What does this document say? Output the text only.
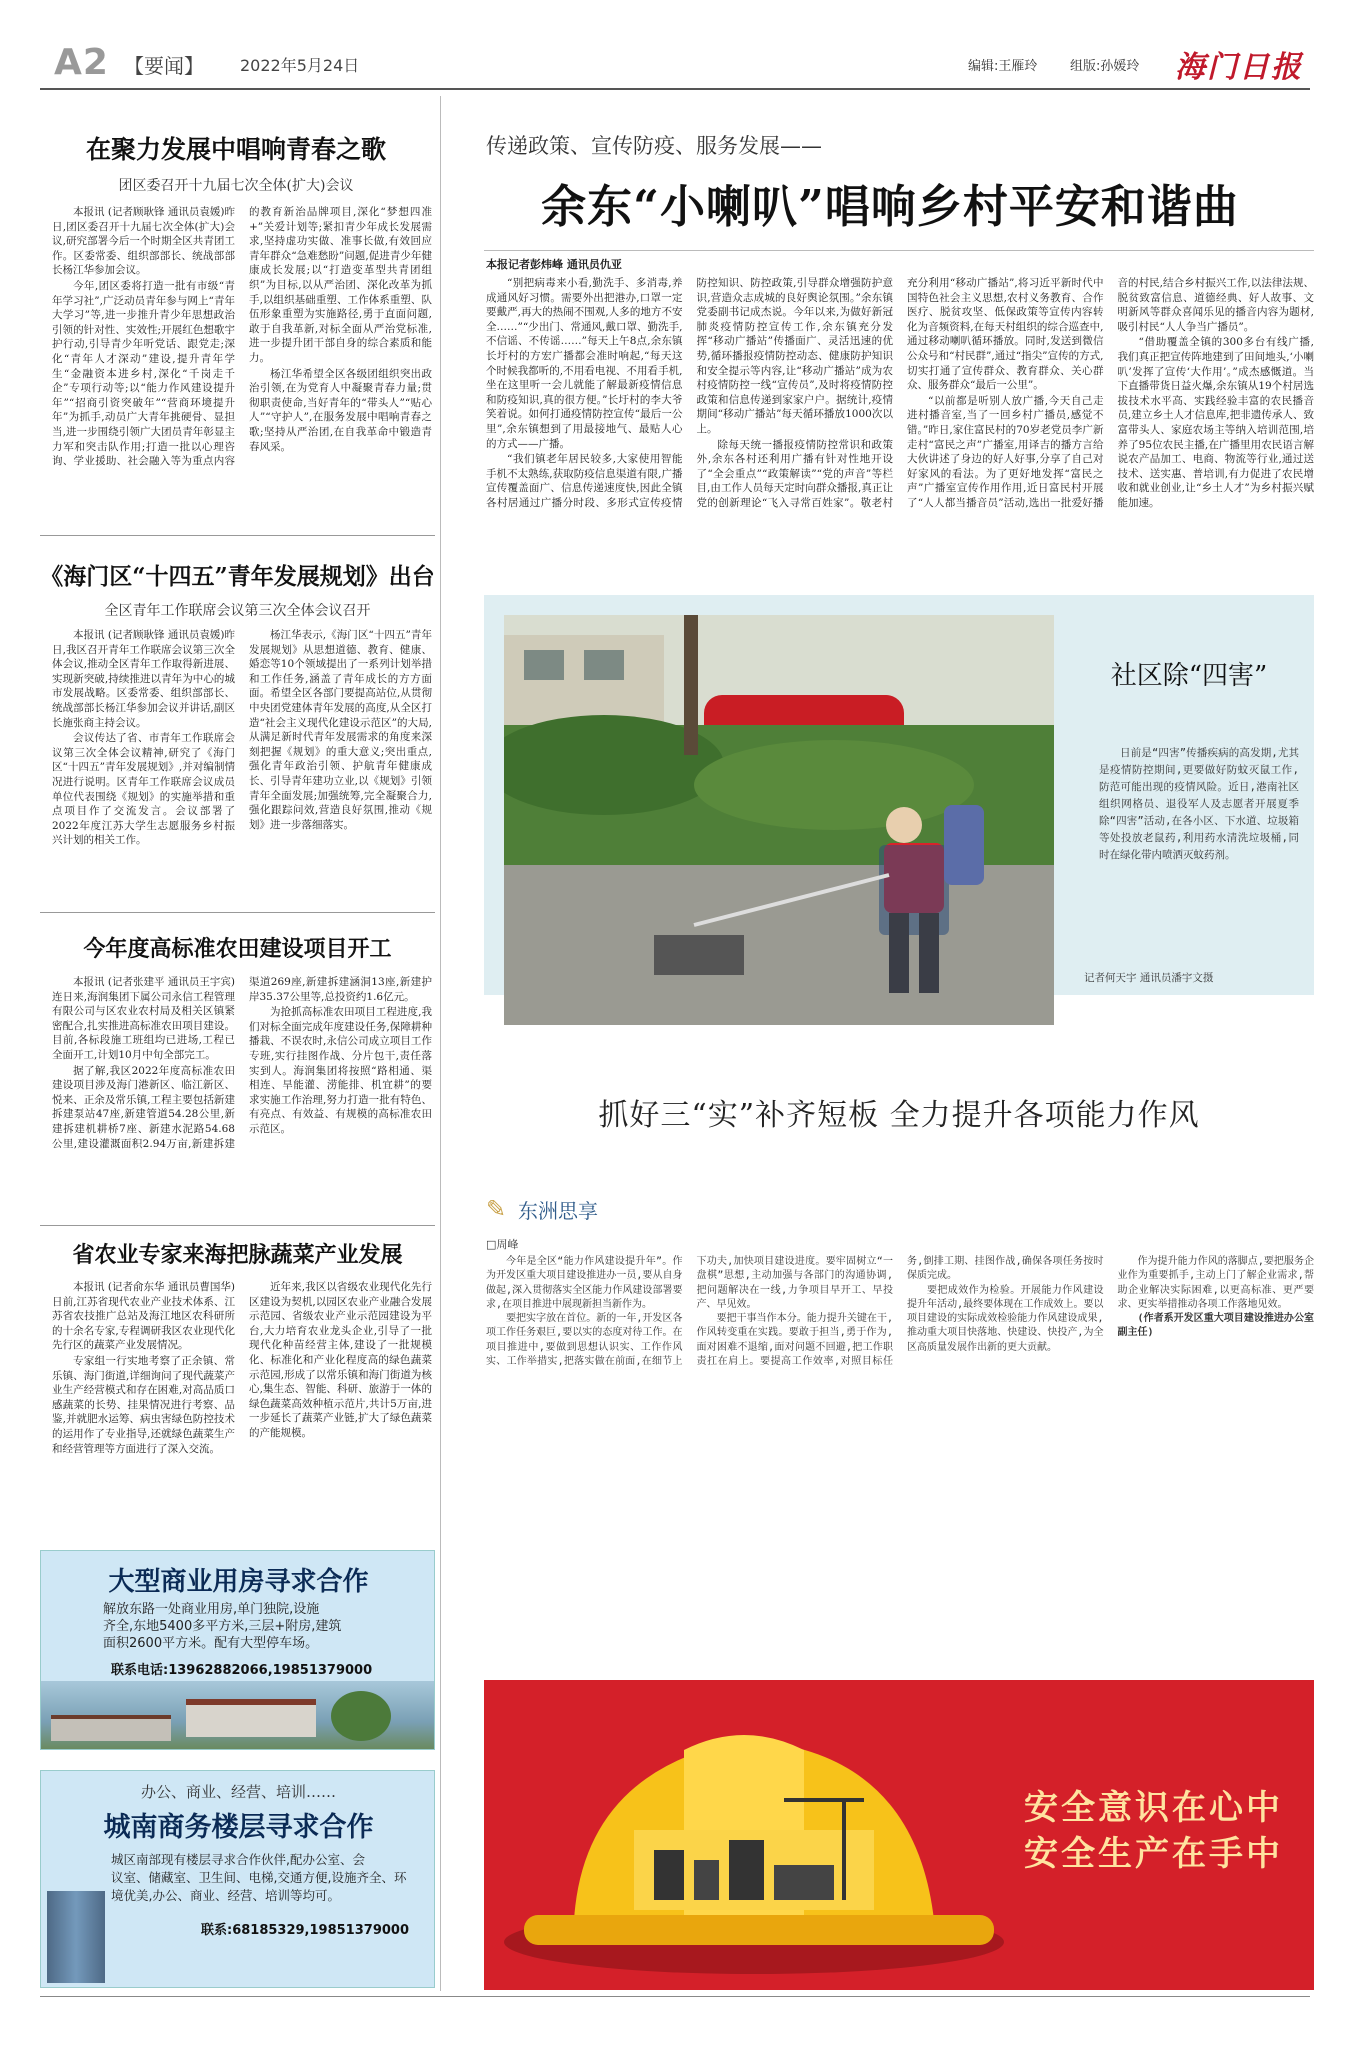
A2 【要闻】 2022年5月24日	编辑:王雁玲	组版:孙媛玲 海门日报
在聚力发展中唱响青春之歌
团区委召开十九届七次全体(扩大)会议

本报讯 (记者顾耿锋 通讯员袁媛)昨日,团区委召开十九届七次全体(扩大)会议,研究部署今后一个时期全区共青团工作。区委常委、组织部部长、统战部部长杨江华参加会议。

今年,团区委将打造一批有市级“青年学习社”,广泛动员青年参与网上“青年大学习”等,进一步推升青少年思想政治引领的针对性、实效性;开展红色想歌宇护行动,引导青少年听党话、跟党走;深化“青年人才深动”建设,提升青年学生“金融资本进乡村,深化“千岗走千企”专项行动等;以“能力作风建设提升年”“招商引资突破年”“营商环境提升年”为抓手,动员广大青年挑硬骨、显担当,进一步围绕引领广大团员青年彰显主力军和突击队作用;打造一批以心理咨询、学业援助、社会融入等为重点内容的教育新治品牌项目,深化“梦想四准+”关爱计划等;紧扣青少年成长发展需求,坚持虚功实做、准事长做,有效回应青年群众“急难愁盼”问题,促进青少年健康成长发展;以“打造变革型共青团组织”为目标,以从严治团、深化改革为抓手,以组织基础重塑、工作体系重塑、队伍形象重塑为实施路径,勇于直面问题,敢于自我革新,对标全面从严治党标准,进一步提升团干部自身的综合素质和能力。

杨江华希望全区各级团组织突出政治引领,在为党育人中凝聚青春力量;贯彻职责使命,当好青年的“带头人”“贴心人”“守护人”,在服务发展中唱响青春之歌;坚持从严治团,在自我革命中锻造青春风采。

《海门区“十四五”青年发展规划》出台
全区青年工作联席会议第三次全体会议召开

本报讯 (记者顾耿锋 通讯员袁媛)昨日,我区召开青年工作联席会议第三次全体会议,推动全区青年工作取得新进展、实现新突破,持续推进以青年为中心的城市发展战略。区委常委、组织部部长、统战部部长杨江华参加会议并讲话,副区长施张商主持会议。

会议传达了省、市青年工作联席会议第三次全体会议精神,研究了《海门区“十四五”青年发展规划》,并对编制情况进行说明。区青年工作联席会议成员单位代表围绕《规划》的实施举措和重点项目作了交流发言。会议部署了2022年度江苏大学生志愿服务乡村振兴计划的相关工作。

杨江华表示,《海门区“十四五”青年发展规划》从思想道德、教育、健康、婚恋等10个领域提出了一系列计划举措和工作任务,涵盖了青年成长的方方面面。希望全区各部门要提高站位,从贯彻中央团党建体青年发展的高度,从全区打造“社会主义现代化建设示范区”的大局,从满足新时代青年发展需求的角度来深刻把握《规划》的重大意义;突出重点,强化青年政治引领、护航青年健康成长、引导青年建功立业,以《规划》引领青年全面发展;加强统筹,完全凝聚合力,强化跟踪问效,营造良好氛围,推动《规划》进一步落细落实。

今年度高标准农田建设项目开工

本报讯 (记者张建平 通讯员王宇宾)连日来,海润集团下属公司永信工程管理有限公司与区农业农村局及相关区镇紧密配合,扎实推进高标准农田项目建设。目前,各标段施工班组均已进场,工程已全面开工,计划10月中旬全部完工。

据了解,我区2022年度高标准农田建设项目涉及海门港新区、临江新区、悦来、正余及常乐镇,工程主要包括新建拆建泵站47座,新建管道54.28公里,新建拆建机耕桥7座、新建水泥路54.68公里,建设灌溉面积2.94万亩,新建拆建渠道269座,新建拆建涵洞13座,新建护岸35.37公里等,总投资约1.6亿元。

为抢抓高标准农田项目工程进度,我们对标全面完成年度建设任务,保障耕种播栽、不误农时,永信公司成立项目工作专班,实行挂图作战、分片包干,责任落实到人。海润集团将按照“路相通、渠相连、旱能灌、涝能排、机宜耕”的要求实施工作治理,努力打造一批有特色、有亮点、有效益、有规模的高标准农田示范区。

省农业专家来海把脉蔬菜产业发展

本报讯 (记者俞东华 通讯员曹国华)日前,江苏省现代农业产业技术体系、江苏省农技推广总站及海江地区农科研所的十余名专家,专程调研我区农业现代化先行区的蔬菜产业发展情况。

专家组一行实地考察了正余镇、常乐镇、海门街道,详细询问了现代蔬菜产业生产经营模式和存在困难,对高品质口感蔬菜的长势、挂果情况进行考察、品鉴,并就肥水运筹、病虫害绿色防控技术的运用作了专业指导,还就绿色蔬菜生产和经营管理等方面进行了深入交流。

近年来,我区以省级农业现代化先行区建设为契机,以园区农业产业融合发展示范园、省级农业产业示范园建设为平台,大力培育农业龙头企业,引导了一批现代化种苗经营主体,建设了一批规模化、标准化和产业化程度高的绿色蔬菜示范园,形成了以常乐镇和海门街道为核心,集生态、智能、科研、旅游于一体的绿色蔬菜高效种植示范片,共计5万亩,进一步延长了蔬菜产业链,扩大了绿色蔬菜的产能规模。

大型商业用房寻求合作
解放东路一处商业用房,单门独院,设施
齐全,东地5400多平方米,三层+附房,建筑
面积2600平方米。配有大型停车场。
联系电话:13962882066,19851379000
办公、商业、经营、培训……
城南商务楼层寻求合作
城区南部现有楼层寻求合作伙伴,配办公室、会
议室、储藏室、卫生间、电梯,交通方便,设施齐全、环
境优美,办公、商业、经营、培训等均可。
联系:68185329,19851379000
传递政策、宣传防疫、服务发展——
余东“小喇叭”唱响乡村平安和谐曲
本报记者彭炜峰 通讯员仇亚

“别把病毒来小看,勤洗手、多消毒,养成通风好习惯。需要外出把港办,口罩一定要戴严,再大的热闹不围观,人多的地方不安全……”“少出门、常通风,戴口罩、勤洗手,不信谣、不传谣……”每天上午8点,余东镇长圩村的方宏广播都会准时响起,“每天这个时候我都听的,不用看电视、不用看手机,坐在这里听一会儿就能了解最新疫情信息和防疫知识,真的很方便。”长圩村的李大爷笑着说。如何打通疫情防控宣传“最后一公里”,余东镇想到了用最接地气、最贴人心的方式——广播。

“我们镇老年居民较多,大家使用智能手机不太熟练,获取防疫信息渠道有限,广播宣传覆盖面广、信息传递速度快,因此全镇各村居通过广播分时段、多形式宣传疫情防控知识、防控政策,引导群众增强防护意识,营造众志成城的良好舆论氛围。”余东镇党委副书记成杰说。今年以来,为做好新冠肺炎疫情防控宣传工作,余东镇充分发挥“移动广播站”传播面广、灵活迅速的优势,循环播报疫情防控动态、健康防护知识和安全提示等内容,让“移动广播站”成为农村疫情防控一线“宣传员”,及时将疫情防控政策和信息传递到家家户户。据统计,疫情期间“移动广播站”每天循环播放1000次以上。

除每天统一播报疫情防控常识和政策外,余东各村还利用广播有针对性地开设了“全会重点”“政策解读”“党的声音”等栏目,由工作人员每天定时向群众播报,真正让党的创新理论“飞入寻常百姓家”。敬老村充分利用“移动广播站”,将习近平新时代中国特色社会主义思想,农村义务教育、合作医疗、脱贫攻坚、低保政策等宣传内容转化为音频资料,在每天村组织的综合巡查中,通过移动喇叭循环播放。同时,发送到微信公众号和“村民群”,通过“指尖”宣传的方式,切实打通了宣传群众、教育群众、关心群众、服务群众“最后一公里”。

“以前都是听别人放广播,今天自己走进村播音室,当了一回乡村广播员,感觉不错。”昨日,家住富民村的70岁老党员李广新走村“富民之声”广播室,用译吉的播方言给大伙讲述了身边的好人好事,分享了自己对好家风的看法。为了更好地发挥“富民之声”广播室宣传作用作用,近日富民村开展了“人人都当播音员”活动,选出一批爱好播音的村民,结合乡村振兴工作,以法律法规、脱贫致富信息、道德经典、好人故事、文明新风等群众喜闻乐见的播音内容为题材,吸引村民“人人争当广播员”。

“借助覆盖全镇的300多台有线广播,我们真正把宣传阵地建到了田间地头,‘小喇叭’发挥了宣传‘大作用’。”成杰感慨道。当下直播带货日益火爆,余东镇从19个村居选拔技术水平高、实践经验丰富的农民播音员,建立乡土人才信息库,把非遗传承人、致富带头人、家庭农场主等纳入培训范围,培养了95位农民主播,在广播里用农民语言解说农产品加工、电商、物流等行业,通过送技术、送实惠、普培训,有力促进了农民增收和就业创业,让“乡土人才”为乡村振兴赋能加速。

社区除“四害”
日前是“四害”传播疾病的高发期,尤其是疫情防控期间,更要做好防蚊灭鼠工作,防范可能出现的疫情风险。近日,港南社区组织网格员、退役军人及志愿者开展夏季除“四害”活动,在各小区、下水道、垃圾箱等处投放老鼠药,利用药水清洗垃圾桶,同时在绿化带内喷洒灭蚊药剂。
记者何天宇 通讯员潘宇文摄
抓好三“实”补齐短板 全力提升各项能力作风
✎ 东洲思享
□周峰

今年是全区“能力作风建设提升年”。作为开发区重大项目建设推进办一员,要从自身做起,深入贯彻落实全区能力作风建设部署要求,在项目推进中展现新担当新作为。

要把实字放在首位。新的一年,开发区各项工作任务艰巨,要以实的态度对待工作。在项目推进中,要做到思想认识实、工作作风实、工作举措实,把落实做在前面,在细节上下功夫,加快项目建设进度。要牢固树立“一盘棋”思想,主动加强与各部门的沟通协调,把问题解决在一线,力争项目早开工、早投产、早见效。

要把干事当作本分。能力提升关键在干,作风转变重在实践。要敢于担当,勇于作为,面对困难不退缩,面对问题不回避,把工作职责扛在肩上。要提高工作效率,对照目标任务,倒排工期、挂图作战,确保各项任务按时保质完成。

要把成效作为检验。开展能力作风建设提升年活动,最终要体现在工作成效上。要以项目建设的实际成效检验能力作风建设成果,推动重大项目快落地、快建设、快投产,为全区高质量发展作出新的更大贡献。

作为提升能力作风的落脚点,要把服务企业作为重要抓手,主动上门了解企业需求,帮助企业解决实际困难,以更高标准、更严要求、更实举措推动各项工作落地见效。

(作者系开发区重大项目建设推进办公室副主任)

安全意识在心中
安全生产在手中
